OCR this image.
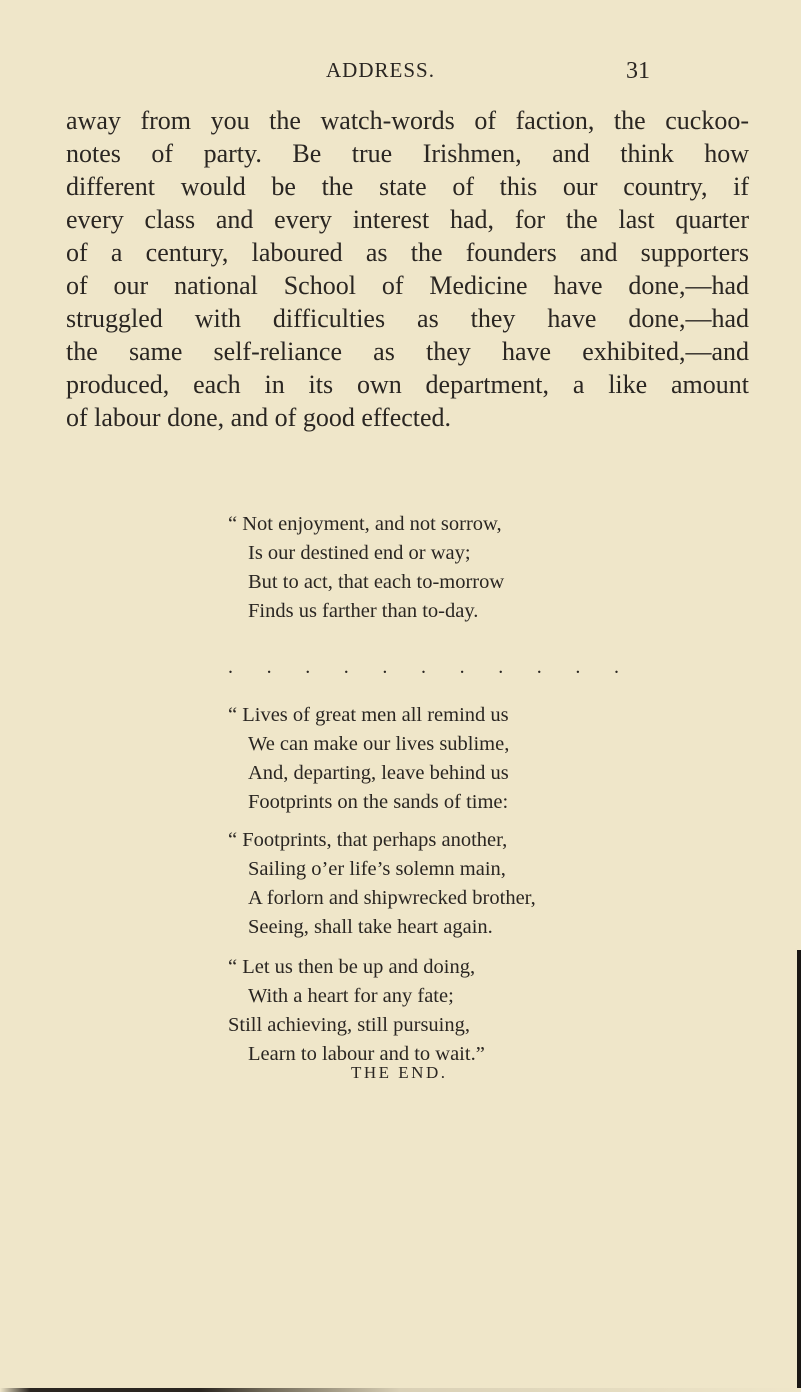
ADDRESS.	31
away from you the watch-words of faction, the cuckoo-
notes of party. Be true Irishmen, and think how
different would be the state of this our country, if
every class and every interest had, for the last quarter
of a century, laboured as the founders and supporters
of our national School of Medicine have done,—had
struggled with difficulties as they have done,—had
the same self-reliance as they have exhibited,—and
produced, each in its own department, a like amount
of labour done, and of good effected.
“ Not enjoyment, and not sorrow,
Is our destined end or way;
But to act, that each to-morrow
Finds us farther than to-day.
. . . . . . . . . . .
“ Lives of great men all remind us
We can make our lives sublime,
And, departing, leave behind us
Footprints on the sands of time:
“ Footprints, that perhaps another,
Sailing o’er life’s solemn main,
A forlorn and shipwrecked brother,
Seeing, shall take heart again.
“ Let us then be up and doing,
With a heart for any fate;
Still achieving, still pursuing,
Learn to labour and to wait.”
THE END.
